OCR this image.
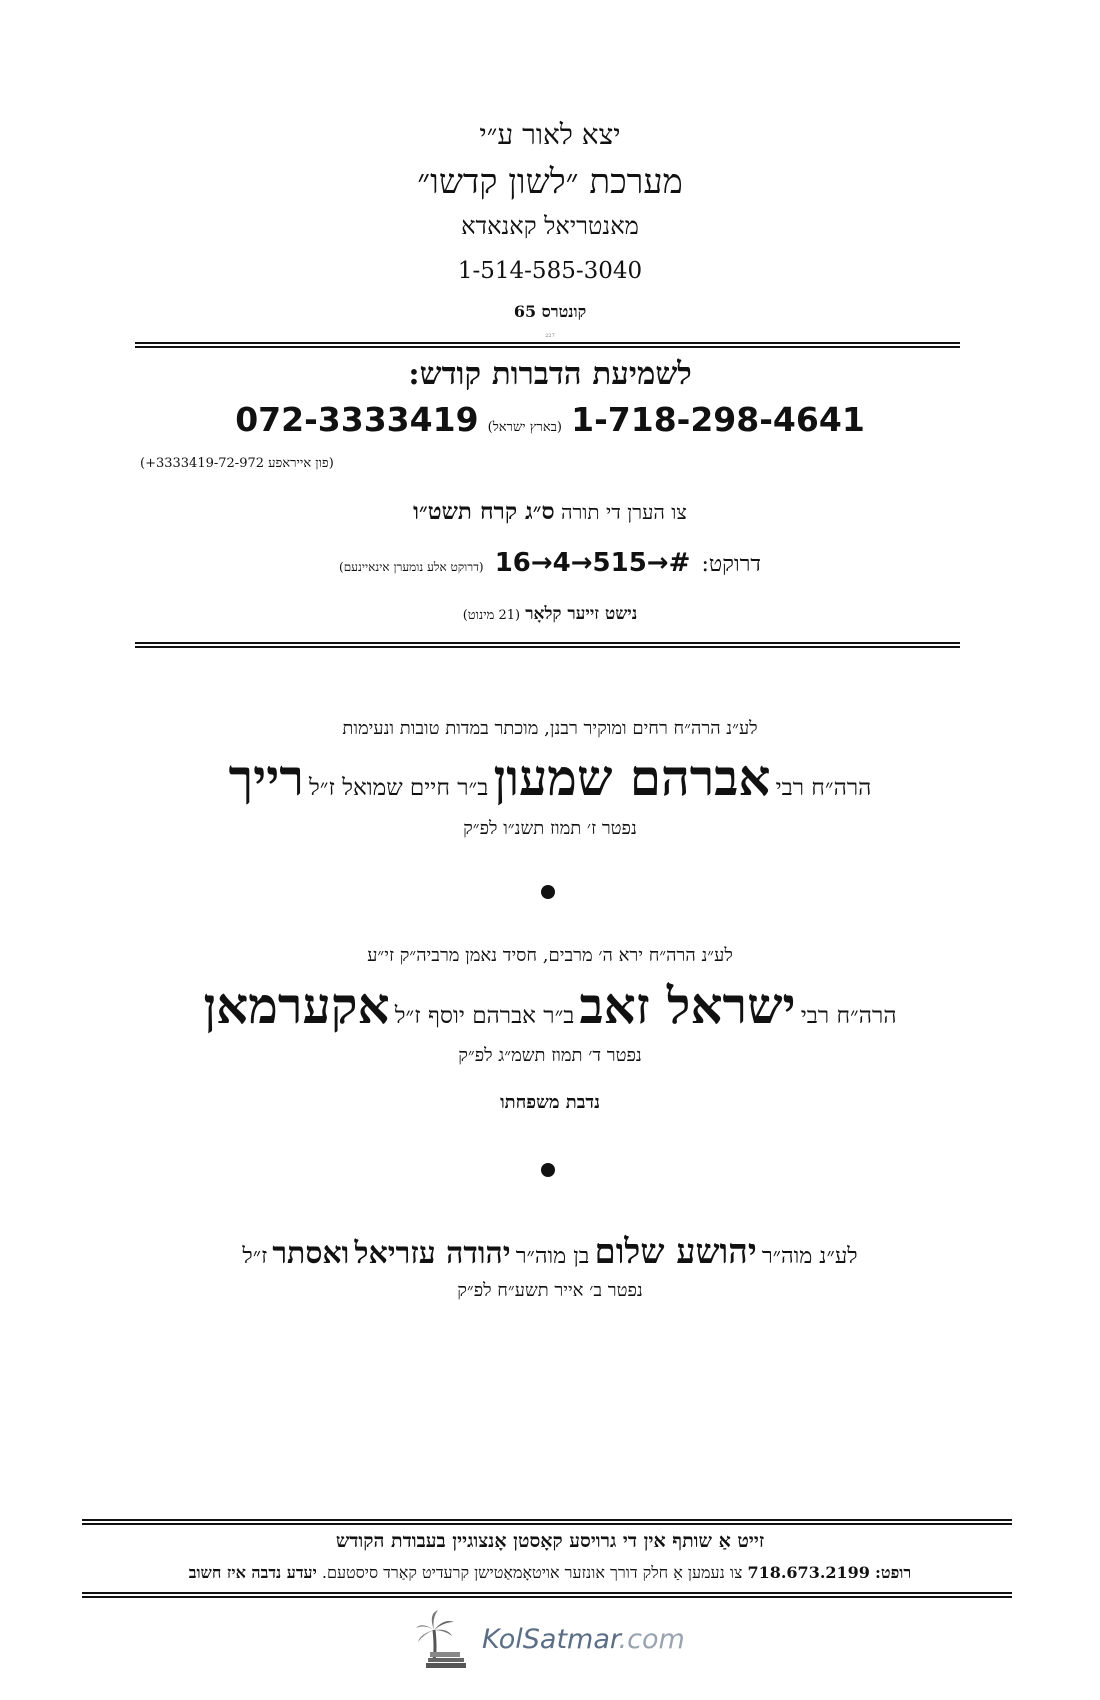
יצא לאור ע״י
מערכת ״לשון קדשו״
מאנטריאל קאנאדא
1-514-585-3040
קונטרס 65
227
לשמיעת הדברות קודש:
1-718-298-4641 (בארץ ישראל) 072-3333419
(פון אייראפע 3333419-72-972+)
צו הערן די תורה ס״ג קרח תשט״ו
דרוקט: 16→4→515→# (דרוקט אלע נומערן אינאיינעם)
נישט זייער קלאָר (21 מינוט)
לע״נ הרה״ח רחים ומוקיר רבנן, מוכתר במדות טובות ונעימות
הרה״ח רבי אברהם שמעון ב״ר חיים שמואל ז״ל רייך
נפטר ז׳ תמוז תשנ״ו לפ״ק
לע״נ הרה״ח ירא ה׳ מרבים, חסיד נאמן מרביה״ק זי״ע
הרה״ח רבי ישראל זאב ב״ר אברהם יוסף ז״ל אקערמאן
נפטר ד׳ תמוז תשמ״ג לפ״ק
נדבת משפחתו
לע״נ מוה״ר יהושע שלום בן מוה״ר יהודה עזריאל ואסתר ז״ל
נפטר ב׳ אייר תשע״ח לפ״ק
זייט אַ שותף אין די גרויסע קאָסטן אָנצוגיין בעבודת הקודש
רופט: 718.673.2199 צו נעמען אַ חלק דורך אונזער אויטאָמאַטישן קרעדיט קאַרד סיסטעם. יעדע נדבה איז חשוב
KolSatmar.com
